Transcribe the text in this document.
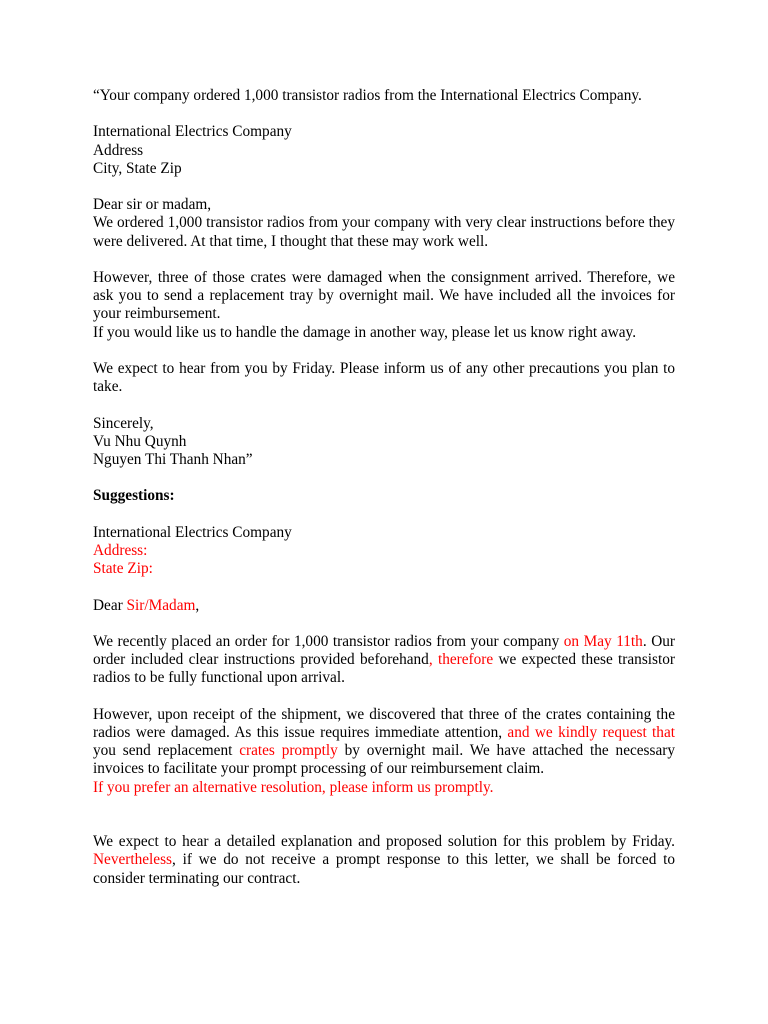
“Your company ordered 1,000 transistor radios from the International Electrics Company.

International Electrics Company

Address

City, State Zip

Dear sir or madam,

We ordered 1,000 transistor radios from your company with very clear instructions before they were delivered. At that time, I thought that these may work well.

However, three of those crates were damaged when the consignment arrived. Therefore, we ask you to send a replacement tray by overnight mail. We have included all the invoices for your reimbursement.

If you would like us to handle the damage in another way, please let us know right away.

We expect to hear from you by Friday. Please inform us of any other precautions you plan to take.

Sincerely,

Vu Nhu Quynh

Nguyen Thi Thanh Nhan”

Suggestions:

International Electrics Company

Address:

State Zip:

Dear Sir/Madam,

We recently placed an order for 1,000 transistor radios from your company on May 11th. Our order included clear instructions provided beforehand, therefore we expected these transistor radios to be fully functional upon arrival.

However, upon receipt of the shipment, we discovered that three of the crates containing the radios were damaged. As this issue requires immediate attention, and we kindly request that you send replacement crates promptly by overnight mail. We have attached the necessary invoices to facilitate your prompt processing of our reimbursement claim.

If you prefer an alternative resolution, please inform us promptly.

We expect to hear a detailed explanation and proposed solution for this problem by Friday. Nevertheless, if we do not receive a prompt response to this letter, we shall be forced to consider terminating our contract.
